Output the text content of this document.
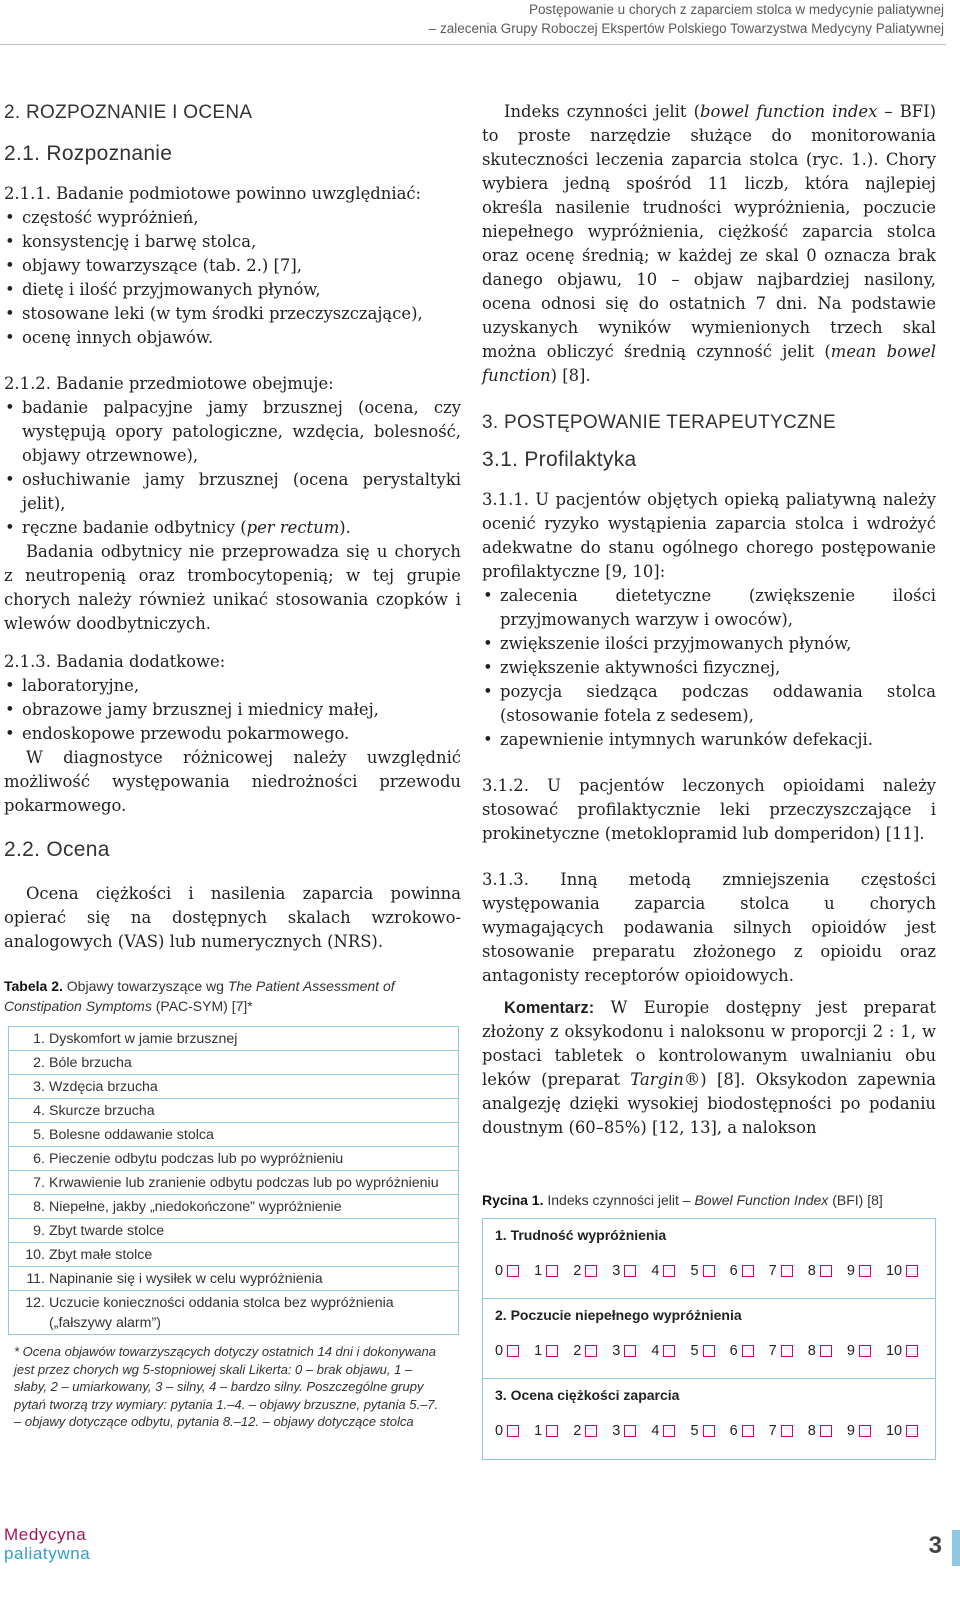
Postępowanie u chorych z zaparciem stolca w medycynie paliatywnej
– zalecenia Grupy Roboczej Ekspertów Polskiego Towarzystwa Medycyny Paliatywnej
2. ROZPOZNANIE I OCENA
2.1. Rozpoznanie

2.1.1. Badanie podmiotowe powinno uwzględniać:

• częstość wypróżnień,
• konsystencję i barwę stolca,
• objawy towarzyszące (tab. 2.) [7],
• dietę i ilość przyjmowanych płynów,
• stosowane leki (w tym środki przeczyszczające),
• ocenę innych objawów.

2.1.2. Badanie przedmiotowe obejmuje:

• badanie palpacyjne jamy brzusznej (ocena, czy występują opory patologiczne, wzdęcia, bolesność, objawy otrzewnowe),
• osłuchiwanie jamy brzusznej (ocena perystaltyki jelit),
• ręczne badanie odbytnicy (per rectum).

Badania odbytnicy nie przeprowadza się u chorych z neutropenią oraz trombocytopenią; w tej grupie chorych należy również unikać stosowania czopków i wlewów doodbytniczych.

2.1.3. Badania dodatkowe:

• laboratoryjne,
• obrazowe jamy brzusznej i miednicy małej,
• endoskopowe przewodu pokarmowego.

W diagnostyce różnicowej należy uwzględnić możliwość występowania niedrożności przewodu pokarmowego.

2.2. Ocena

Ocena ciężkości i nasilenia zaparcia powinna opierać się na dostępnych skalach wzrokowo-analogowych (VAS) lub numerycznych (NRS).

Tabela 2. Objawy towarzyszące wg The Patient Assessment of Constipation Symptoms (PAC-SYM) [7]*
1. Dyskomfort w jamie brzusznej
2. Bóle brzucha
3. Wzdęcia brzucha
4. Skurcze brzucha
5. Bolesne oddawanie stolca
6. Pieczenie odbytu podczas lub po wypróżnieniu
7. Krwawienie lub zranienie odbytu podczas lub po wypróżnieniu
8. Niepełne, jakby „niedokończone” wypróżnienie
9. Zbyt twarde stolce
10. Zbyt małe stolce
11. Napinanie się i wysiłek w celu wypróżnienia
12. Uczucie konieczności oddania stolca bez wypróżnienia („fałszywy alarm”)
* Ocena objawów towarzyszących dotyczy ostatnich 14 dni i dokonywana jest przez chorych wg 5-stopniowej skali Likerta: 0 – brak objawu, 1 – słaby, 2 – umiarkowany, 3 – silny, 4 – bardzo silny. Poszczególne grupy pytań tworzą trzy wymiary: pytania 1.–4. – objawy brzuszne, pytania 5.–7. – objawy dotyczące odbytu, pytania 8.–12. – objawy dotyczące stolca

Indeks czynności jelit (bowel function index – BFI) to proste narzędzie służące do monitorowania skuteczności leczenia zaparcia stolca (ryc. 1.). Chory wybiera jedną spośród 11 liczb, która najlepiej określa nasilenie trudności wypróżnienia, poczucie niepełnego wypróżnienia, ciężkość zaparcia stolca oraz ocenę średnią; w każdej ze skal 0 oznacza brak danego objawu, 10 – objaw najbardziej nasilony, ocena odnosi się do ostatnich 7 dni. Na podstawie uzyskanych wyników wymienionych trzech skal można obliczyć średnią czynność jelit (mean bowel function) [8].

3. POSTĘPOWANIE TERAPEUTYCZNE
3.1. Profilaktyka

3.1.1. U pacjentów objętych opieką paliatywną należy ocenić ryzyko wystąpienia zaparcia stolca i wdrożyć adekwatne do stanu ogólnego chorego postępowanie profilaktyczne [9, 10]:

• zalecenia dietetyczne (zwiększenie ilości przyjmowanych warzyw i owoców),
• zwiększenie ilości przyjmowanych płynów,
• zwiększenie aktywności fizycznej,
• pozycja siedząca podczas oddawania stolca (stosowanie fotela z sedesem),
• zapewnienie intymnych warunków defekacji.

3.1.2. U pacjentów leczonych opioidami należy stosować profilaktycznie leki przeczyszczające i prokinetyczne (metoklopramid lub domperidon) [11].

3.1.3. Inną metodą zmniejszenia częstości występowania zaparcia stolca u chorych wymagających podawania silnych opioidów jest stosowanie preparatu złożonego z opioidu oraz antagonisty receptorów opioidowych.

Komentarz: W Europie dostępny jest preparat złożony z oksykodonu i naloksonu w proporcji 2 : 1, w postaci tabletek o kontrolowanym uwalnianiu obu leków (preparat Targin®) [8]. Oksykodon zapewnia analgezję dzięki wysokiej biodostępności po podaniu doustnym (60–85%) [12, 13], a nalokson

Rycina 1. Indeks czynności jelit – Bowel Function Index (BFI) [8]
1. Trudność wypróżnienia
0 1 2 3 4 5 6 7 8 9 10
2. Poczucie niepełnego wypróżnienia
0 1 2 3 4 5 6 7 8 9 10
3. Ocena ciężkości zaparcia
0 1 2 3 4 5 6 7 8 9 10
Medycyna
paliatywna	3
